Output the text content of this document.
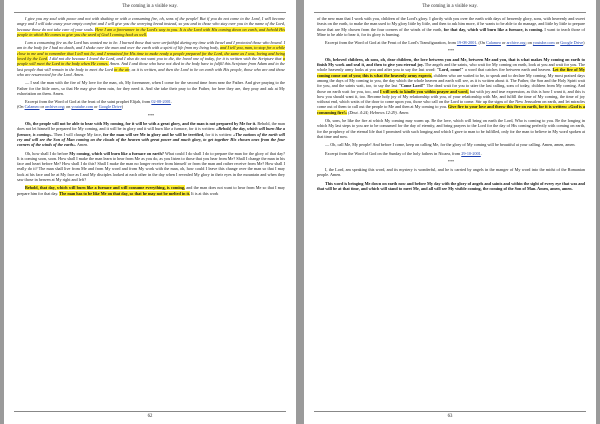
The coming in a visible way.

I give you my soul with peace and not with shaking or with a consuming fire, oh, sons of the people! But if you do not come to the Lord, I will become angry and I will take away your empty comfort and I will give you the worrying bread instead, so you and to those who stay over you in the name of the Lord, because those do not take care of your souls. Here I am a forerunner in the Lord's way to you. It is the Lord with His coming down on earth, and behold His people in which He comes to give you the word of God I coming back as well.

I am a consuming fire as the Lord has wanted me to be. I burned those that were un-faithful during my time with Israel and I protected those who bowed. I am in the body for I had no death, and I shake over the man and over the earth with a spirit of life from my living body, and I tell you, man, to stop for a while close to me and to remember that I tell not lie, and I remained for His time to make ready a people prepared for the Lord, the same as I was, loving and being loved by the Lord. I did not die because I loved the Lord, and I also do not want you to die, the loved one of today, for it is written with the Scripture that a people will meet the Lord in the body when He comes. Amen. And I and those who have not died in the body have to fulfill this Scripture from Adam and to the last people that will remain in the body to meet the Lord in the air, as it is written, and then the Lord to be on earth with His people, those who are and those who are resurrected for the Lord. Amen.

— I seal the man with the fire of My love for the man, oh, My forerunner, when I come for the second time from near the Father. And give praying to the Father for the little ones, so that He may give them rain, for they need it. And she take their pray to the Father, for here they are, they pray and ask at My exhortation on them. Amen.

Excerpt from the Word of God at the feast of the saint prophet Elijah, from 02-08-2001.
(On Calameo or archive.org; on youtube.com or Google Drive)

***

Oh, the people will not be able to bear with My coming, for it will be with a great glory, and the man is not prepared by Me for it. Behold, the man does not let himself be prepared for My coming, and it will be in glory and it will burn like a furnace, for it is written: «Behold, the day, which will burn like a furnace, is coming». Then I will change My face, for the man will see Me in glory and he will be terrified, for it is written: «The nations of the earth will cry and will see the Son of Man coming on the clouds of the heaven with great power and much glory, to get together His chosen ones from the four corners of the winds of the earth». Amen.

Oh, how shall I do before My coming, which will burn like a furnace on earth? What could I do shall I do to prepare the man for the glory of that day? It is coming soon, soon. How shall I make the man learn to hear from Me as you do, as you listen to those that you hear from Me? Shall I change the man in his face and heart before Me? How shall I do this? Shall I make the man no longer receive from himself or from the man and rather receive from Me? How shall I really do it? The man shall live from Me and from My word and from My work with the man, oh, how could I leave this change over the man so that I may look at his face and he at My face as I and My disciples looked at each other in the day when I revealed My glory in their eyes in the mountain and when they saw those in heaven at My right and left?

Behold, that day, which will burn like a furnace and will consume everything, is coming, and the man does not want to hear from Me so that I may prepare him for that day. The man has to be like Me on that day, so that he may not be melted in it. It is at this work

62
The coming in a visible way.

of the new man that I work with you, children of the Lord's glory. I glorify with you over the earth with days of heavenly glory, sons, with heavenly and sweet feasts on the earth, to make the man used to My glory little by little, and then to ask him more, if he wants to be able to do manage, and little by little to prepare those that are My chosen from the four corners of the winds of the earth, for that day, which will burn like a furnace, is coming. I want to teach those of Mine to be able to bear it, for its glory is burning.

Excerpt from the Word of God at the Feast of the Lord's Transfiguration, from 19-08-2001. (On Calameo or archive.org; on youtube.com or Google Drive)

***

Oh, beloved children, oh sons, oh, dear children, the love between you and Me, between Me and you, that is what makes My coming on earth to finish My work and seal it, and then to give you eternal joy. The angels and the saints, who wait for My coming on earth, look at you and wait for you. The whole heavenly army looks at you and after you to say the last word: "Lord, come!" a word that catches fire between earth and heaven. Let the fire of My coming come out of you; this is what the heavenly army expects, children who are waited to be, to speak and to declare My coming. My most praised days among the days of My coming to you, the day which the whole heaven and earth will see, as it is written about it. The Father, the Son and the Holy Spirit wait for you, and the saints wait, too, to say the last "Come Lord!" The dead wait for you to utter the last calling, sons of today, children from My coming. And those on earth wait for you, too, and I will seek to kindle you within prayer and word, but with joy and true expression, as this is how I want it, and this is how you should want it, too. Become holy joy of My relationship with you, of your relationship with Me, and fulfill the time of My coming, the time of joy without end, which waits of the door to come upon you, those who call on the Lord to come. Stir up the signs of the New Jerusalem on earth, and let miracles come out of them to call out the people to Me and then at My coming to you. Give fire to your love and throw this fire on earth, for it is written: «God is a consuming fire!» (Deut. 4:24; Hebrews 12:29). Amen.

Oh, sons, be like the fire at which My coming may warm up. Be the love, which will bring on earth the Lord, Who is coming to you. Be the longing in which My last steps to you are to be consumed for the day of eternity, and bring prayers to the Lord for the day of His coming perfectly with coming on earth, for the prophecy of the eternal life that I promised with such longing and which I gave to man to be fulfilled, only for the man to believe in My word spoken at that time and now.

— Oh, call Me, My people! And before I come, keep on calling Me, for the glory of My coming will be beautiful at your calling. Amen, amen, amen.

Excerpt from the Word of God on the Sunday of the holy fathers in Nicaea, from 29-10-2001.

***

I, the Lord, am speaking this word, and its mystery is wonderful, and he is carried by angels in the manger of My word into the midst of the Romanian people. Amen.

This word is bringing Me down on earth now and before My day with the glory of angels and saints and within the sight of every eye that was and that will be at that time, and which will stand to meet Me, and all will see My visible coming, the coming of the Son of Man. Amen, amen, amen.

63
